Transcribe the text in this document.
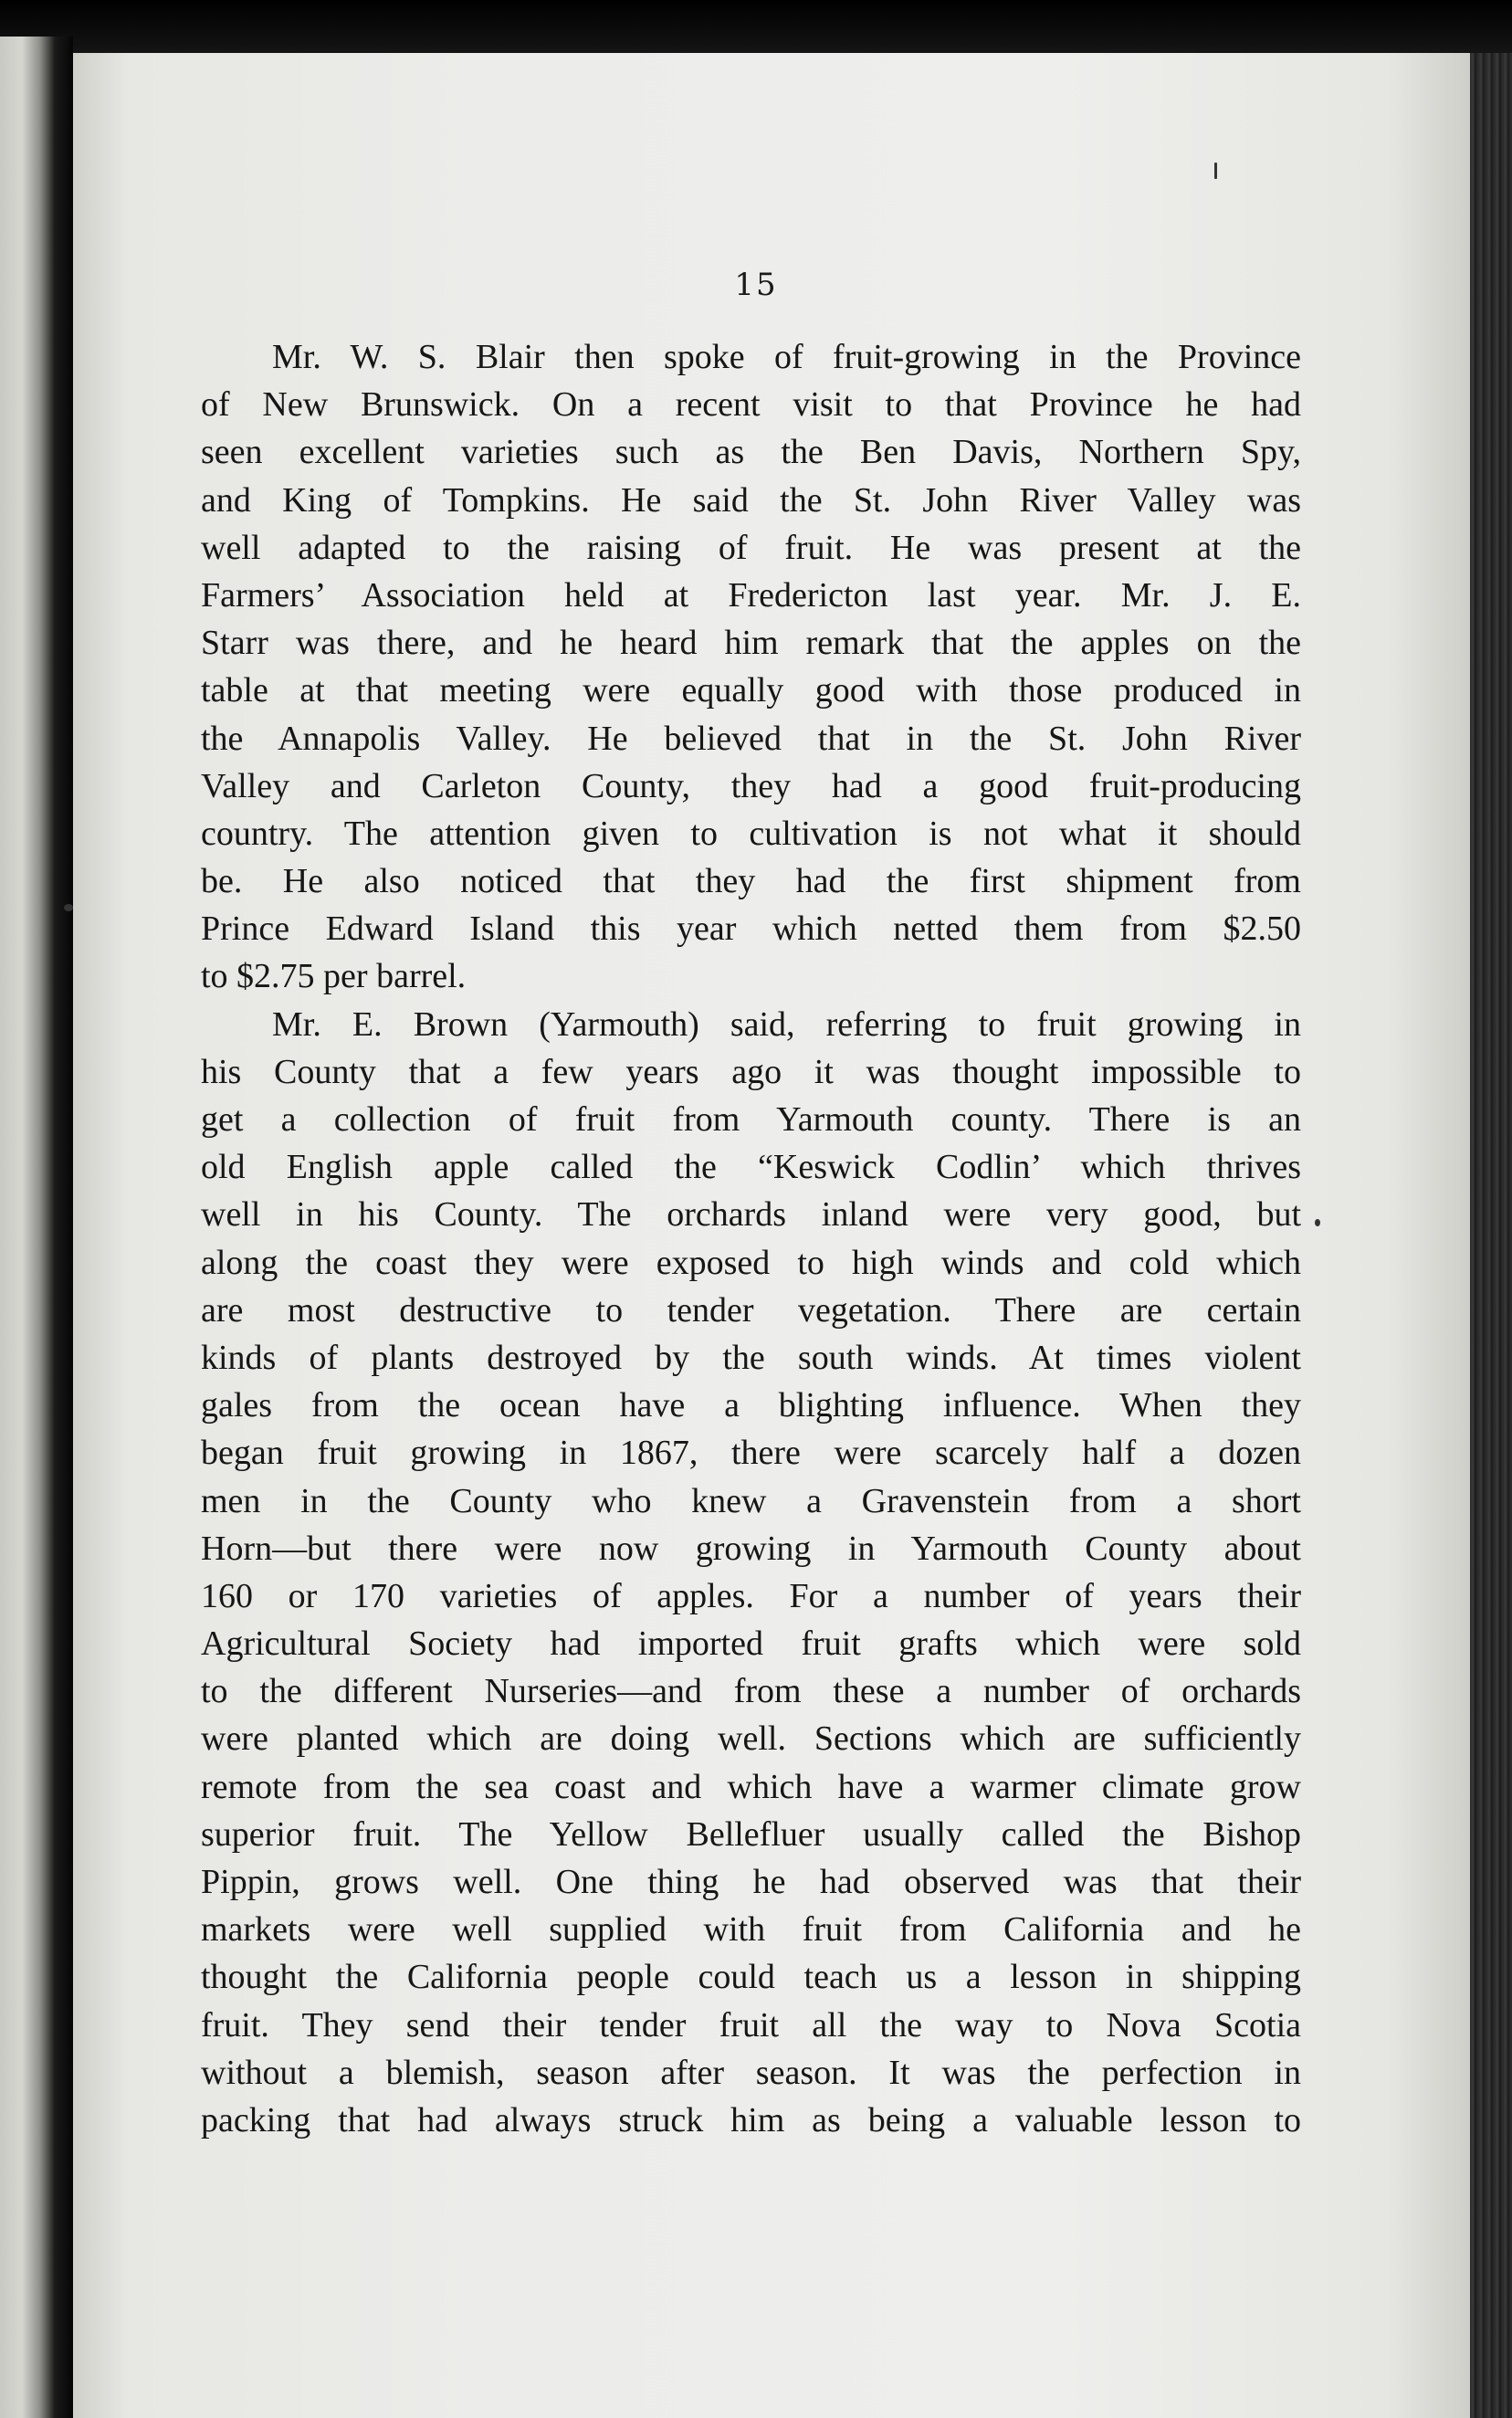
15
Mr. W. S. Blair then spoke of fruit-growing in the Province
of New Brunswick. On a recent visit to that Province he had
seen excellent varieties such as the Ben Davis, Northern Spy,
and King of Tompkins. He said the St. John River Valley was
well adapted to the raising of fruit. He was present at the
Farmers’ Association held at Fredericton last year. Mr. J. E.
Starr was there, and he heard him remark that the apples on the
table at that meeting were equally good with those produced in
the Annapolis Valley. He believed that in the St. John River
Valley and Carleton County, they had a good fruit-producing
country. The attention given to cultivation is not what it should
be. He also noticed that they had the first shipment from
Prince Edward Island this year which netted them from $2.50
to $2.75 per barrel.
Mr. E. Brown (Yarmouth) said, referring to fruit growing in
his County that a few years ago it was thought impossible to
get a collection of fruit from Yarmouth county. There is an
old English apple called the “Keswick Codlin’ which thrives
well in his County. The orchards inland were very good, but
along the coast they were exposed to high winds and cold which
are most destructive to tender vegetation. There are certain
kinds of plants destroyed by the south winds. At times violent
gales from the ocean have a blighting influence. When they
began fruit growing in 1867, there were scarcely half a dozen
men in the County who knew a Gravenstein from a short
Horn—but there were now growing in Yarmouth County about
160 or 170 varieties of apples. For a number of years their
Agricultural Society had imported fruit grafts which were sold
to the different Nurseries—and from these a number of orchards
were planted which are doing well. Sections which are sufficiently
remote from the sea coast and which have a warmer climate grow
superior fruit. The Yellow Bellefluer usually called the Bishop
Pippin, grows well. One thing he had observed was that their
markets were well supplied with fruit from California and he
thought the California people could teach us a lesson in shipping
fruit. They send their tender fruit all the way to Nova Scotia
without a blemish, season after season. It was the perfection in
packing that had always struck him as being a valuable lesson to
